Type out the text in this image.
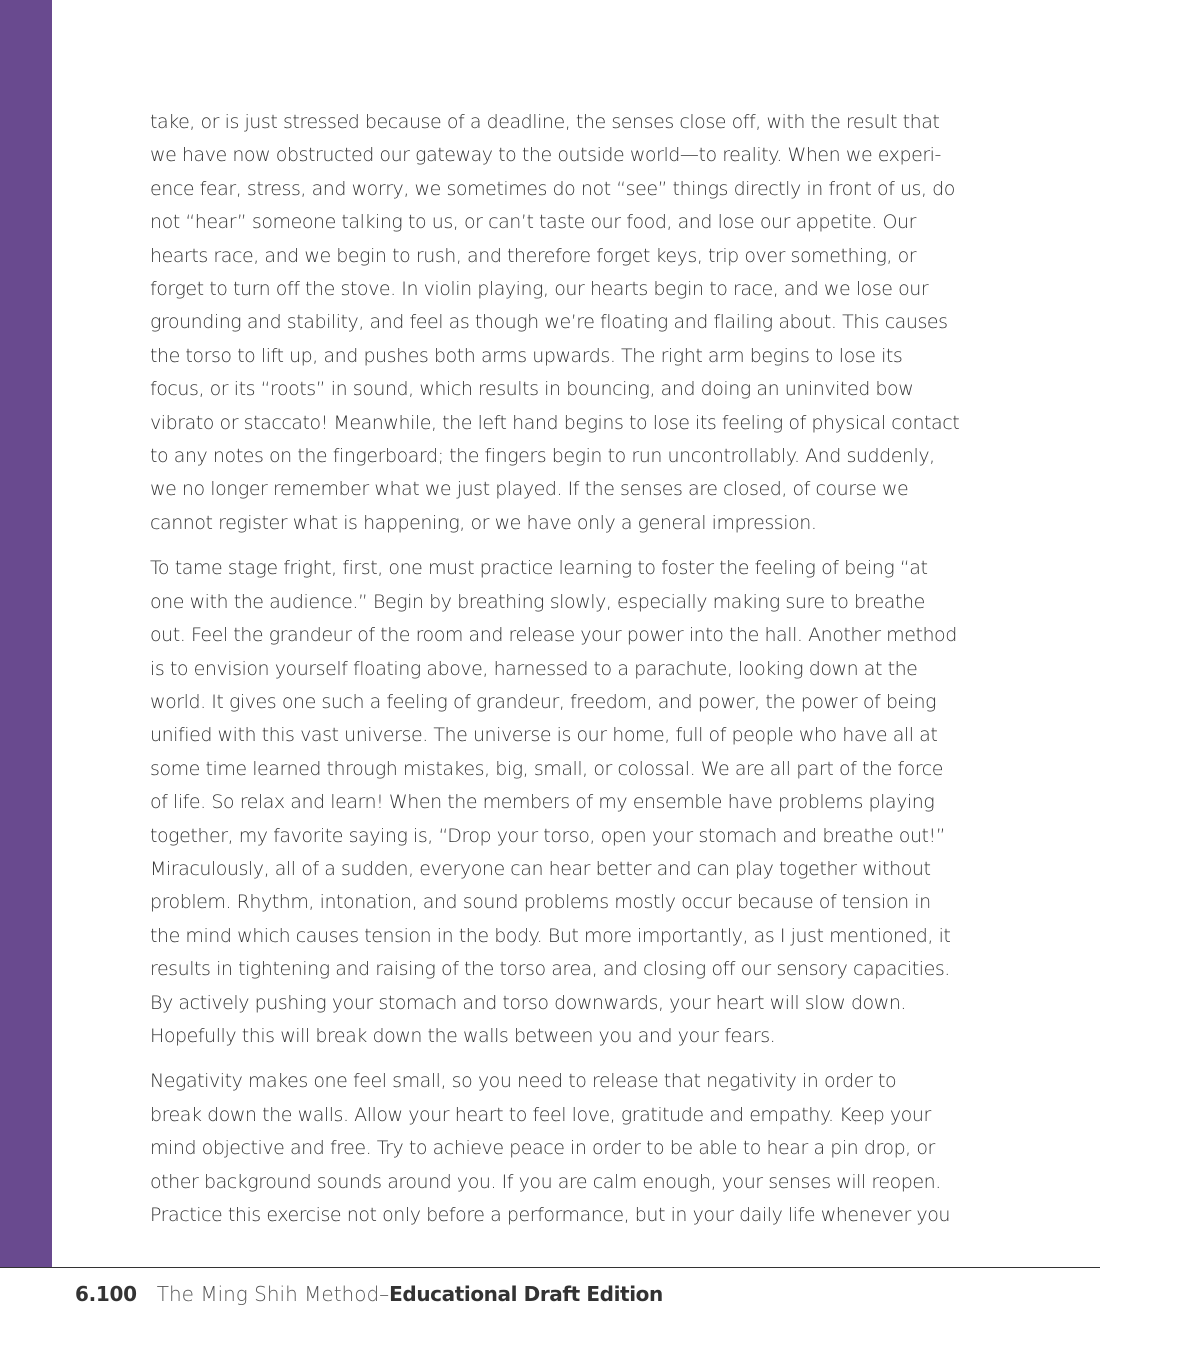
take, or is just stressed because of a deadline, the senses close off, with the result that
we have now obstructed our gateway to the outside world—to reality. When we experi-
ence fear, stress, and worry, we sometimes do not “see” things directly in front of us, do
not “hear” someone talking to us, or can’t taste our food, and lose our appetite. Our
hearts race, and we begin to rush, and therefore forget keys, trip over something, or
forget to turn off the stove. In violin playing, our hearts begin to race, and we lose our
grounding and stability, and feel as though we’re floating and flailing about. This causes
the torso to lift up, and pushes both arms upwards. The right arm begins to lose its
focus, or its “roots” in sound, which results in bouncing, and doing an uninvited bow
vibrato or staccato! Meanwhile, the left hand begins to lose its feeling of physical contact
to any notes on the fingerboard; the fingers begin to run uncontrollably. And suddenly,
we no longer remember what we just played. If the senses are closed, of course we
cannot register what is happening, or we have only a general impression.

To tame stage fright, first, one must practice learning to foster the feeling of being “at
one with the audience.” Begin by breathing slowly, especially making sure to breathe
out. Feel the grandeur of the room and release your power into the hall. Another method
is to envision yourself floating above, harnessed to a parachute, looking down at the
world. It gives one such a feeling of grandeur, freedom, and power, the power of being
unified with this vast universe. The universe is our home, full of people who have all at
some time learned through mistakes, big, small, or colossal. We are all part of the force
of life. So relax and learn! When the members of my ensemble have problems playing
together, my favorite saying is, “Drop your torso, open your stomach and breathe out!”
Miraculously, all of a sudden, everyone can hear better and can play together without
problem. Rhythm, intonation, and sound problems mostly occur because of tension in
the mind which causes tension in the body. But more importantly, as I just mentioned, it
results in tightening and raising of the torso area, and closing off our sensory capacities.
By actively pushing your stomach and torso downwards, your heart will slow down.
Hopefully this will break down the walls between you and your fears.

Negativity makes one feel small, so you need to release that negativity in order to
break down the walls. Allow your heart to feel love, gratitude and empathy. Keep your
mind objective and free. Try to achieve peace in order to be able to hear a pin drop, or
other background sounds around you. If you are calm enough, your senses will reopen.
Practice this exercise not only before a performance, but in your daily life whenever you

6.100 The Ming Shih Method–Educational Draft Edition
